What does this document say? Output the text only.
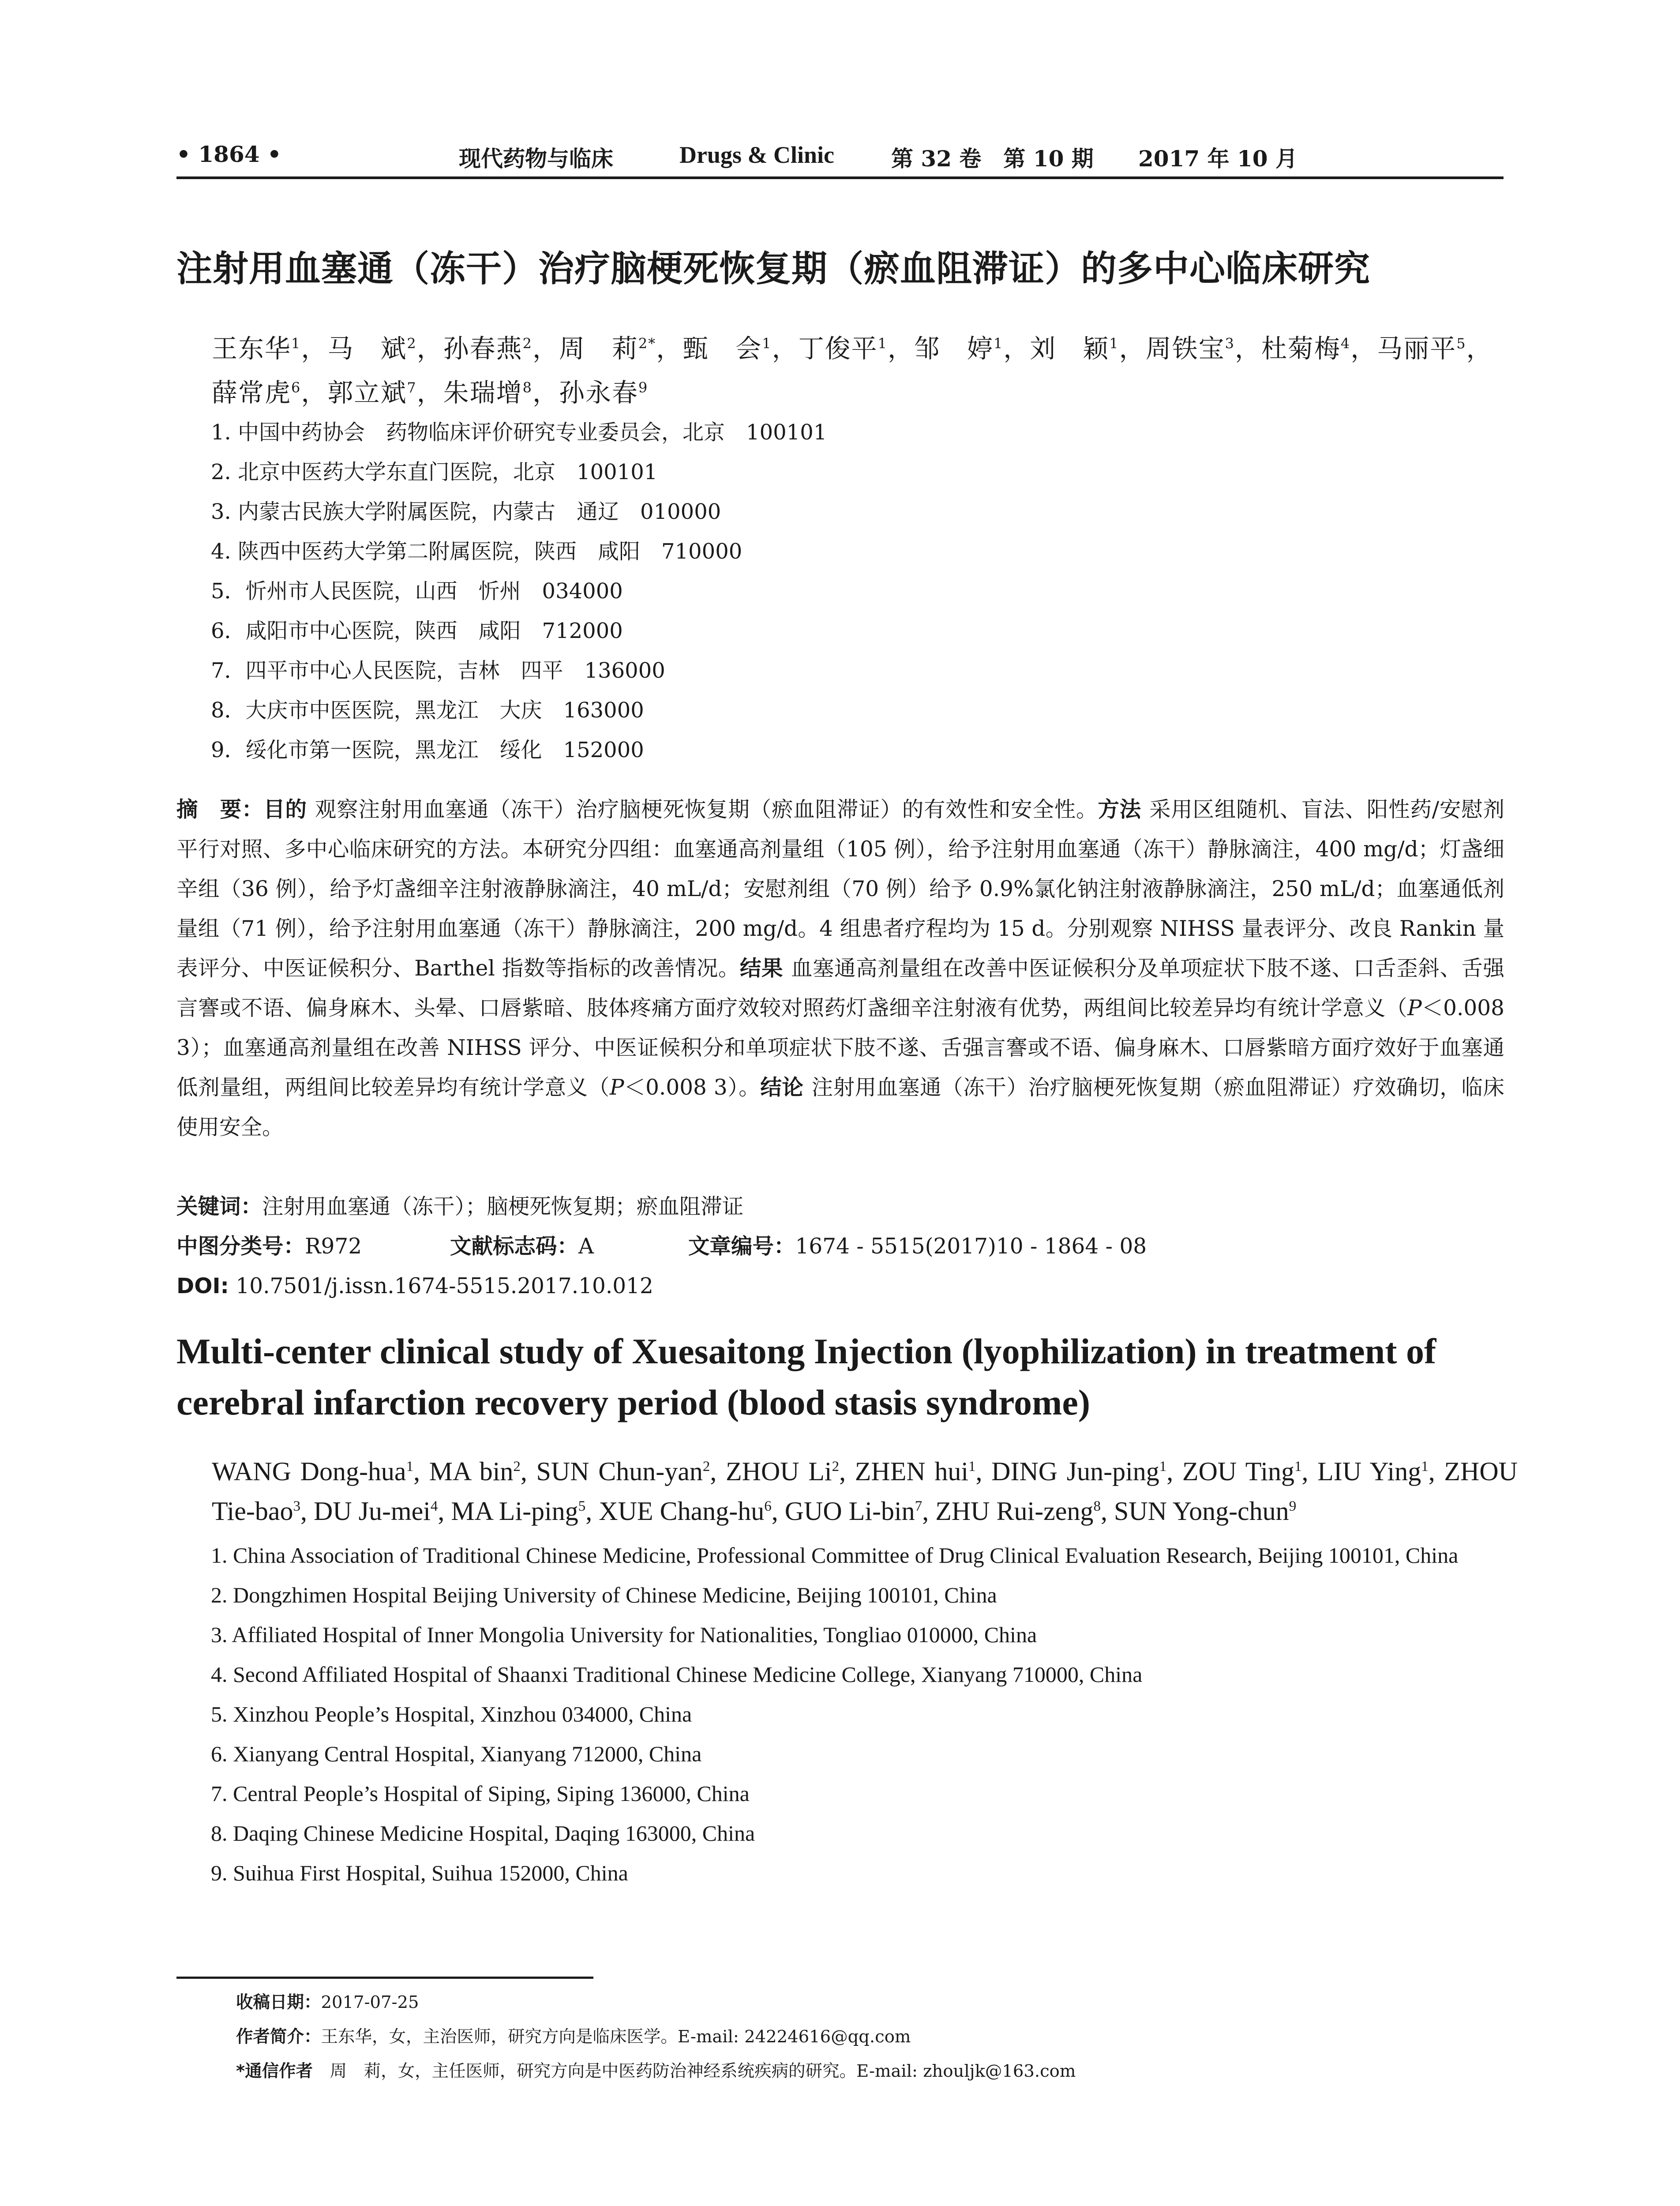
• 1864 •	现代药物与临床	Drugs & Clinic	第 32 卷　第 10 期 2017 年 10 月
注射用血塞通（冻干）治疗脑梗死恢复期（瘀血阻滞证）的多中心临床研究
王东华$^1$，马　斌$^2$，孙春燕$^2$，周　莉$^{2*}$，甄　会$^1$，丁俊平$^1$，邹　婷$^1$，刘　颖$^1$，周铁宝$^3$，杜菊梅$^4$，马丽平$^5$，薛常虎$^6$，郭立斌$^7$，朱瑞增$^8$，孙永春$^9$
1. 中国中药协会　药物临床评价研究专业委员会，北京　100101
2. 北京中医药大学东直门医院，北京　100101
3. 内蒙古民族大学附属医院，内蒙古　通辽　010000
4. 陕西中医药大学第二附属医院，陕西　咸阳　710000
5．忻州市人民医院，山西　忻州　034000
6．咸阳市中心医院，陕西　咸阳　712000
7．四平市中心人民医院，吉林　四平　136000
8．大庆市中医医院，黑龙江　大庆　163000
9．绥化市第一医院，黑龙江　绥化　152000
摘　要：目的 观察注射用血塞通（冻干）治疗脑梗死恢复期（瘀血阻滞证）的有效性和安全性。方法 采用区组随机、盲法、阳性药/安慰剂平行对照、多中心临床研究的方法。本研究分四组：血塞通高剂量组（105 例），给予注射用血塞通（冻干）静脉滴注，400 mg/d；灯盏细辛组（36 例），给予灯盏细辛注射液静脉滴注，40 mL/d；安慰剂组（70 例）给予 0.9%氯化钠注射液静脉滴注，250 mL/d；血塞通低剂量组（71 例），给予注射用血塞通（冻干）静脉滴注，200 mg/d。4 组患者疗程均为 15 d。分别观察 NIHSS 量表评分、改良 Rankin 量表评分、中医证候积分、Barthel 指数等指标的改善情况。结果 血塞通高剂量组在改善中医证候积分及单项症状下肢不遂、口舌歪斜、舌强言謇或不语、偏身麻木、头晕、口唇紫暗、肢体疼痛方面疗效较对照药灯盏细辛注射液有优势，两组间比较差异均有统计学意义（P＜0.008 3）；血塞通高剂量组在改善 NIHSS 评分、中医证候积分和单项症状下肢不遂、舌强言謇或不语、偏身麻木、口唇紫暗方面疗效好于血塞通低剂量组，两组间比较差异均有统计学意义（P＜0.008 3）。结论 注射用血塞通（冻干）治疗脑梗死恢复期（瘀血阻滞证）疗效确切，临床使用安全。
关键词：注射用血塞通（冻干）；脑梗死恢复期；瘀血阻滞证
中图分类号：R972	文献标志码：A	文章编号：1674 - 5515(2017)10 - 1864 - 08
DOI: 10.7501/j.issn.1674-5515.2017.10.012
Multi-center clinical study of Xuesaitong Injection (lyophilization) in treatment of cerebral infarction recovery period (blood stasis syndrome)
WANG Dong-hua$^1$, MA bin$^2$, SUN Chun-yan$^2$, ZHOU Li$^2$, ZHEN hui$^1$, DING Jun-ping$^1$, ZOU Ting$^1$, LIU Ying$^1$, ZHOU Tie-bao$^3$, DU Ju-mei$^4$, MA Li-ping$^5$, XUE Chang-$hu^6$, GUO Li-bin$^7$, ZHU Rui-zeng$^8$, SUN Yong-chun$^9$
1. China Association of Traditional Chinese Medicine, Professional Committee of Drug Clinical Evaluation Research, Beijing 100101, China
2. Dongzhimen Hospital Beijing University of Chinese Medicine, Beijing 100101, China
3. Affiliated Hospital of Inner Mongolia University for Nationalities, Tongliao 010000, China
4. Second Affiliated Hospital of Shaanxi Traditional Chinese Medicine College, Xianyang 710000, China
5. Xinzhou People’s Hospital, Xinzhou 034000, China
6. Xianyang Central Hospital, Xianyang 712000, China
7. Central People’s Hospital of Siping, Siping 136000, China
8. Daqing Chinese Medicine Hospital, Daqing 163000, China
9. Suihua First Hospital, Suihua 152000, China
收稿日期：2017-07-25
作者简介：王东华，女，主治医师，研究方向是临床医学。E-mail: 24224616@qq.com
*通信作者　周　莉，女，主任医师，研究方向是中医药防治神经系统疾病的研究。E-mail: zhouljk@163.com
